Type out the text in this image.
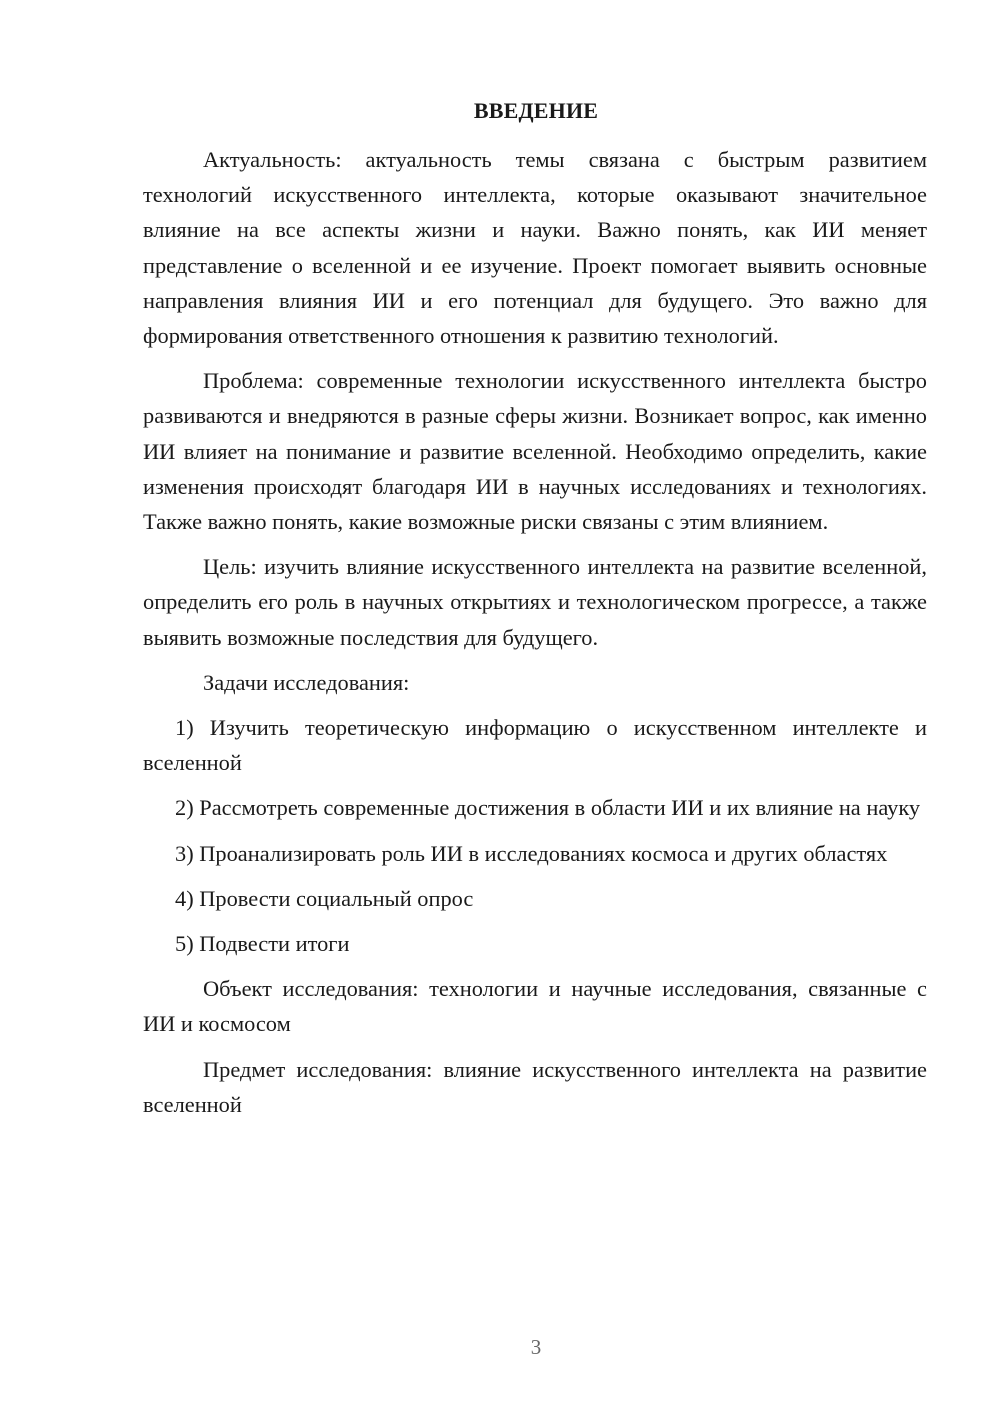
ВВЕДЕНИЕ

Актуальность: актуальность темы связана с быстрым развитием технологий искусственного интеллекта, которые оказывают значительное влияние на все аспекты жизни и науки. Важно понять, как ИИ меняет представление о вселенной и ее изучение. Проект помогает выявить основные направления влияния ИИ и его потенциал для будущего. Это важно для формирования ответственного отношения к развитию технологий.

Проблема: современные технологии искусственного интеллекта быстро развиваются и внедряются в разные сферы жизни. Возникает вопрос, как именно ИИ влияет на понимание и развитие вселенной. Необходимо определить, какие изменения происходят благодаря ИИ в научных исследованиях и технологиях. Также важно понять, какие возможные риски связаны с этим влиянием.

Цель: изучить влияние искусственного интеллекта на развитие вселенной, определить его роль в научных открытиях и технологическом прогрессе, а также выявить возможные последствия для будущего.

Задачи исследования:

1) Изучить теоретическую информацию о искусственном интеллекте и вселенной

2) Рассмотреть современные достижения в области ИИ и их влияние на науку

3) Проанализировать роль ИИ в исследованиях космоса и других областях

4) Провести социальный опрос

5) Подвести итоги

Объект исследования: технологии и научные исследования, связанные с ИИ и космосом

Предмет исследования: влияние искусственного интеллекта на развитие вселенной

3
